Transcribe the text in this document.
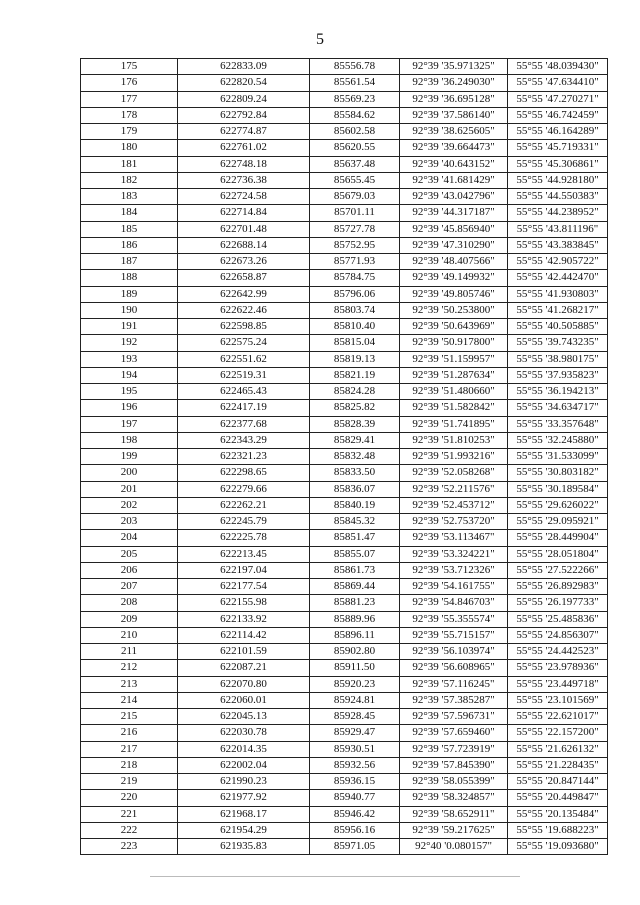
5
175	622833.09	85556.78	92°39 '35.971325"	55°55 '48.039430"
176	622820.54	85561.54	92°39 '36.249030"	55°55 '47.634410"
177	622809.24	85569.23	92°39 '36.695128"	55°55 '47.270271"
178	622792.84	85584.62	92°39 '37.586140"	55°55 '46.742459"
179	622774.87	85602.58	92°39 '38.625605"	55°55 '46.164289"
180	622761.02	85620.55	92°39 '39.664473"	55°55 '45.719331"
181	622748.18	85637.48	92°39 '40.643152"	55°55 '45.306861"
182	622736.38	85655.45	92°39 '41.681429"	55°55 '44.928180"
183	622724.58	85679.03	92°39 '43.042796"	55°55 '44.550383"
184	622714.84	85701.11	92°39 '44.317187"	55°55 '44.238952"
185	622701.48	85727.78	92°39 '45.856940"	55°55 '43.811196"
186	622688.14	85752.95	92°39 '47.310290"	55°55 '43.383845"
187	622673.26	85771.93	92°39 '48.407566"	55°55 '42.905722"
188	622658.87	85784.75	92°39 '49.149932"	55°55 '42.442470"
189	622642.99	85796.06	92°39 '49.805746"	55°55 '41.930803"
190	622622.46	85803.74	92°39 '50.253800"	55°55 '41.268217"
191	622598.85	85810.40	92°39 '50.643969"	55°55 '40.505885"
192	622575.24	85815.04	92°39 '50.917800"	55°55 '39.743235"
193	622551.62	85819.13	92°39 '51.159957"	55°55 '38.980175"
194	622519.31	85821.19	92°39 '51.287634"	55°55 '37.935823"
195	622465.43	85824.28	92°39 '51.480660"	55°55 '36.194213"
196	622417.19	85825.82	92°39 '51.582842"	55°55 '34.634717"
197	622377.68	85828.39	92°39 '51.741895"	55°55 '33.357648"
198	622343.29	85829.41	92°39 '51.810253"	55°55 '32.245880"
199	622321.23	85832.48	92°39 '51.993216"	55°55 '31.533099"
200	622298.65	85833.50	92°39 '52.058268"	55°55 '30.803182"
201	622279.66	85836.07	92°39 '52.211576"	55°55 '30.189584"
202	622262.21	85840.19	92°39 '52.453712"	55°55 '29.626022"
203	622245.79	85845.32	92°39 '52.753720"	55°55 '29.095921"
204	622225.78	85851.47	92°39 '53.113467"	55°55 '28.449904"
205	622213.45	85855.07	92°39 '53.324221"	55°55 '28.051804"
206	622197.04	85861.73	92°39 '53.712326"	55°55 '27.522266"
207	622177.54	85869.44	92°39 '54.161755"	55°55 '26.892983"
208	622155.98	85881.23	92°39 '54.846703"	55°55 '26.197733"
209	622133.92	85889.96	92°39 '55.355574"	55°55 '25.485836"
210	622114.42	85896.11	92°39 '55.715157"	55°55 '24.856307"
211	622101.59	85902.80	92°39 '56.103974"	55°55 '24.442523"
212	622087.21	85911.50	92°39 '56.608965"	55°55 '23.978936"
213	622070.80	85920.23	92°39 '57.116245"	55°55 '23.449718"
214	622060.01	85924.81	92°39 '57.385287"	55°55 '23.101569"
215	622045.13	85928.45	92°39 '57.596731"	55°55 '22.621017"
216	622030.78	85929.47	92°39 '57.659460"	55°55 '22.157200"
217	622014.35	85930.51	92°39 '57.723919"	55°55 '21.626132"
218	622002.04	85932.56	92°39 '57.845390"	55°55 '21.228435"
219	621990.23	85936.15	92°39 '58.055399"	55°55 '20.847144"
220	621977.92	85940.77	92°39 '58.324857"	55°55 '20.449847"
221	621968.17	85946.42	92°39 '58.652911"	55°55 '20.135484"
222	621954.29	85956.16	92°39 '59.217625"	55°55 '19.688223"
223	621935.83	85971.05	92°40 '0.080157"	55°55 '19.093680"
